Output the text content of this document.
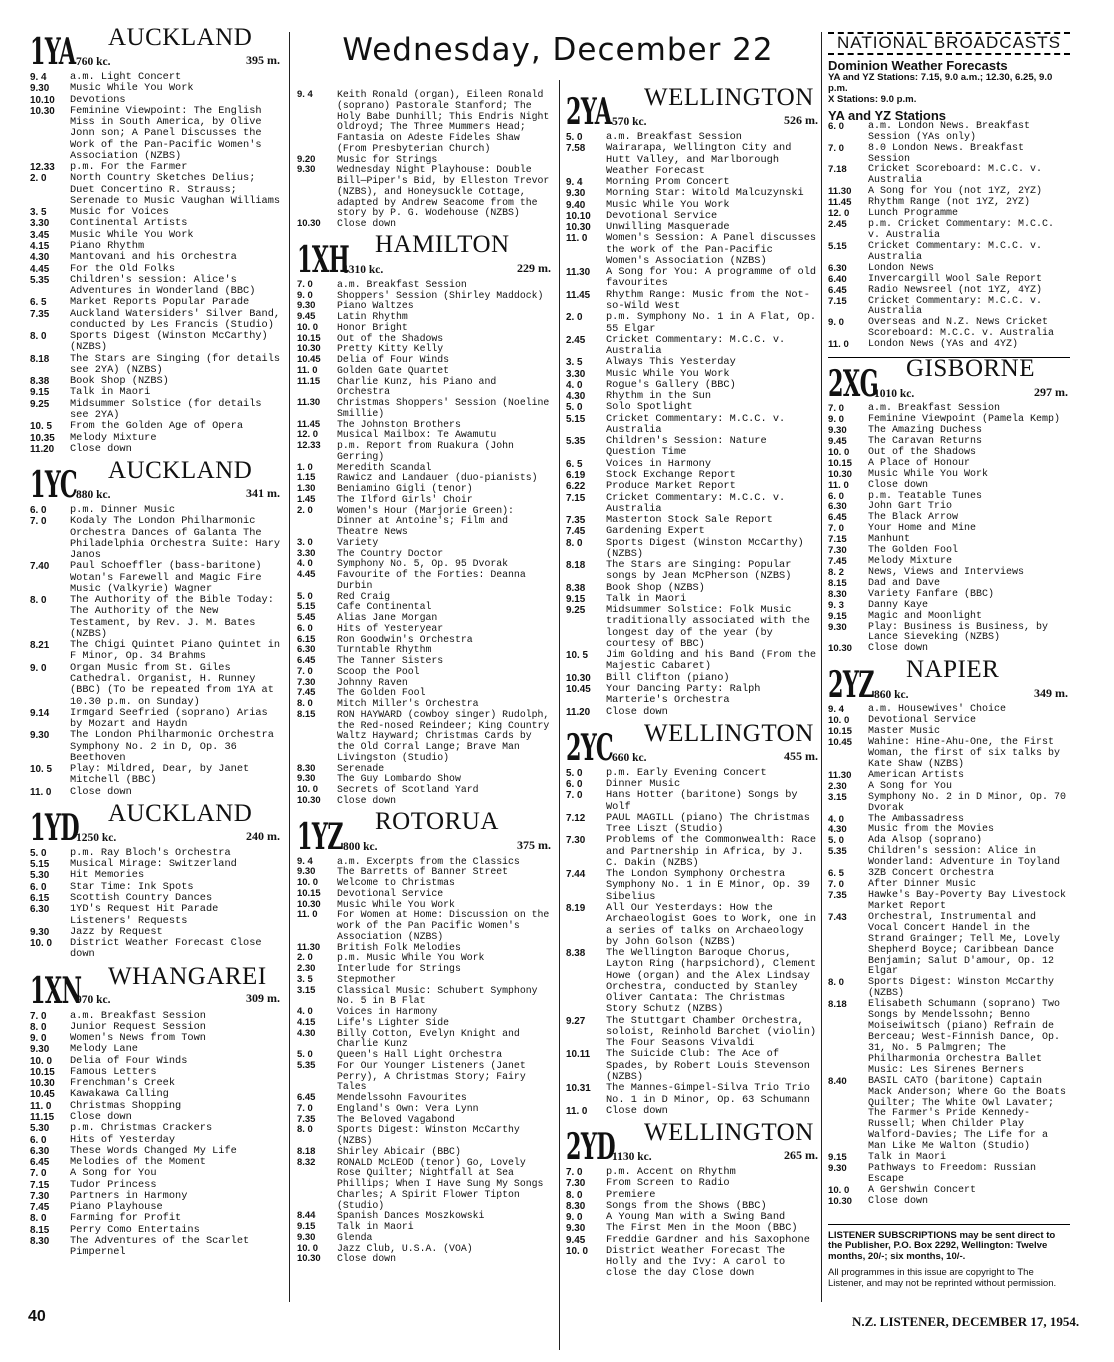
Wednesday, December 22
1YA 760 kc.
AUCKLAND
395 m.
9. 4	a.m. Light Concert
9.30	Music While You Work
10.10	Devotions
10.30	Feminine Viewpoint: The English Miss in South America, by Olive Jonn son; A Panel Discusses the Work of the Pan-Pacific Women's Association (NZBS)
12.33	p.m. For the Farmer
2. 0	North Country Sketches Delius; Duet Concertino R. Strauss; Serenade to Music Vaughan Williams
3. 5	Music for Voices
3.30	Continental Artists
3.45	Music While You Work
4.15	Piano Rhythm
4.30	Mantovani and his Orchestra
4.45	For the Old Folks
5.35	Children's session: Alice's Adventures in Wonderland (BBC)
6. 5	Market Reports Popular Parade
7.35	Auckland Watersiders' Silver Band, conducted by Les Francis (Studio)
8. 0	Sports Digest (Winston McCarthy) (NZBS)
8.18	The Stars are Singing (for details see 2YA) (NZBS)
8.38	Book Shop (NZBS)
9.15	Talk in Maori
9.25	Midsummer Solstice (for details see 2YA)
10. 5	From the Golden Age of Opera
10.35	Melody Mixture
11.20	Close down
1YC 880 kc.
AUCKLAND
341 m.
6. 0	p.m. Dinner Music
7. 0	Kodaly The London Philharmonic Orchestra Dances of Galanta The Philadelphia Orchestra Suite: Hary Janos
7.40	Paul Schoeffler (bass-baritone) Wotan's Farewell and Magic Fire Music (Valkyrie) Wagner
8. 0	The Authority of the Bible Today: The Authority of the New Testament, by Rev. J. M. Bates (NZBS)
8.21	The Chigi Quintet Piano Quintet in F Minor, Op. 34 Brahms
9. 0	Organ Music from St. Giles Cathedral. Organist, H. Runney (BBC) (To be repeated from 1YA at 10.30 p.m. on Sunday)
9.14	Irmgard Seefried (soprano) Arias by Mozart and Haydn
9.30	The London Philharmonic Orchestra Symphony No. 2 in D, Op. 36 Beethoven
10. 5	Play: Mildred, Dear, by Janet Mitchell (BBC)
11. 0	Close down
1YD
1250 kc.
AUCKLAND
240 m.
5. 0	p.m. Ray Bloch's Orchestra
5.15	Musical Mirage: Switzerland
5.30	Hit Memories
6. 0	Star Time: Ink Spots
6.15	Scottish Country Dances
6.30	1YD's Request Hit Parade Listeners' Requests
9.30	Jazz by Request
10. 0	District Weather Forecast Close down
1XN
970 kc.
WHANGAREI
309 m.
7. 0	a.m. Breakfast Session
8. 0	Junior Request Session
9. 0	Women's News from Town
9.30	Melody Lane
10. 0	Delia of Four Winds
10.15	Famous Letters
10.30	Frenchman's Creek
10.45	Kawakawa Calling
11. 0	Christmas Shopping
11.15	Close down
5.30	p.m. Christmas Crackers
6. 0	Hits of Yesterday
6.30	These Words Changed My Life
6.45	Melodies of the Moment
7. 0	A Song for You
7.15	Tudor Princess
7.30	Partners in Harmony
7.45	Piano Playhouse
8. 0	Farming for Profit
8.15	Perry Como Entertains
8.30	The Adventures of the Scarlet Pimpernel
9. 4	Keith Ronald (organ), Eileen Ronald (soprano) Pastorale Stanford; The Holy Babe Dunhill; This Endris Night Oldroyd; The Three Mummers Head; Fantasia on Adeste Fideles Shaw (From Presbyterian Church)
9.20	Music for Strings
9.30	Wednesday Night Playhouse: Double Bill—Piper's Bid, by Elleston Trevor (NZBS), and Honeysuckle Cottage, adapted by Andrew Seacome from the story by P. G. Wodehouse (NZBS)
10.30	Close down
1XH
1310 kc.
HAMILTON
229 m.
7. 0	a.m. Breakfast Session
9. 0	Shoppers' Session (Shirley Maddock)
9.30	Piano Waltzes
9.45	Latin Rhythm
10. 0	Honor Bright
10.15	Out of the Shadows
10.30	Pretty Kitty Kelly
10.45	Delia of Four Winds
11. 0	Golden Gate Quartet
11.15	Charlie Kunz, his Piano and Orchestra
11.30	Christmas Shoppers' Session (Noeline Smillie)
11.45	The Johnston Brothers
12. 0	Musical Mailbox: Te Awamutu
12.33	p.m. Report from Ruakura (John Gerring)
1. 0	Meredith Scandal
1.15	Rawicz and Landauer (duo-pianists)
1.30	Beniamino Gigli (tenor)
1.45	The Ilford Girls' Choir
2. 0	Women's Hour (Marjorie Green): Dinner at Antoine's; Film and Theatre News
3. 0	Variety
3.30	The Country Doctor
4. 0	Symphony No. 5, Op. 95 Dvorak
4.45	Favourite of the Forties: Deanna Durbin
5. 0	Red Craig
5.15	Cafe Continental
5.45	Alias Jane Morgan
6. 0	Hits of Yesteryear
6.15	Ron Goodwin's Orchestra
6.30	Turntable Rhythm
6.45	The Tanner Sisters
7. 0	Scoop the Pool
7.30	Johnny Raven
7.45	The Golden Fool
8. 0	Mitch Miller's Orchestra
8.15	RON HAYWARD (cowboy singer) Rudolph, the Red-nosed Reindeer; King Country Waltz Hayward; Christmas Cards by the Old Corral Lange; Brave Man Livingston (Studio)
8.30	Serenade
9.30	The Guy Lombardo Show
10. 0	Secrets of Scotland Yard
10.30	Close down
1YZ 800 kc.
ROTORUA
375 m.
9. 4	a.m. Excerpts from the Classics
9.30	The Barretts of Banner Street
10. 0	Welcome to Christmas
10.15	Devotional Service
10.30	Music While You Work
11. 0	For Women at Home: Discussion on the work of the Pan Pacific Women's Association (NZBS)
11.30	British Folk Melodies
2. 0	p.m. Music While You Work
2.30	Interlude for Strings
3. 5	Stepmother
3.15	Classical Music: Schubert Symphony No. 5 in B Flat
4. 0	Voices in Harmony
4.15	Life's Lighter Side
4.30	Billy Cotton, Evelyn Knight and Charlie Kunz
5. 0	Queen's Hall Light Orchestra
5.35	For Our Younger Listeners (Janet Perry), A Christmas Story; Fairy Tales
6.45	Mendelssohn Favourites
7. 0	England's Own: Vera Lynn
7.35	The Beloved Vagabond
8. 0	Sports Digest: Winston McCarthy (NZBS)
8.18	Shirley Abicair (BBC)
8.32	RONALD McLEOD (tenor) Go, Lovely Rose Quilter; Nightfall at Sea Phillips; When I Have Sung My Songs Charles; A Spirit Flower Tipton (Studio)
8.44	Spanish Dances Moszkowski
9.15	Talk in Maori
9.30	Glenda
10. 0	Jazz Club, U.S.A. (VOA)
10.30	Close down
2YA 570 kc.
WELLINGTON
526 m.
5. 0	a.m. Breakfast Session
7.58	Wairarapa, Wellington City and Hutt Valley, and Marlborough Weather Forecast
9. 4	Morning Prom Concert
9.30	Morning Star: Witold Malcuzynski
9.40	Music While You Work
10.10	Devotional Service
10.30	Unwilling Masquerade
11. 0	Women's Session: A Panel discusses the work of the Pan-Pacific Women's Association (NZBS)
11.30	A Song for You: A programme of old favourites
11.45	Rhythm Range: Music from the Not-so-Wild West
2. 0	p.m. Symphony No. 1 in A Flat, Op. 55 Elgar
2.45	Cricket Commentary: M.C.C. v. Australia
3. 5	Always This Yesterday
3.30	Music While You Work
4. 0	Rogue's Gallery (BBC)
4.30	Rhythm in the Sun
5. 0	Solo Spotlight
5.15	Cricket Commentary: M.C.C. v. Australia
5.35	Children's Session: Nature Question Time
6. 5	Voices in Harmony
6.19	Stock Exchange Report
6.22	Produce Market Report
7.15	Cricket Commentary: M.C.C. v. Australia
7.35	Masterton Stock Sale Report
7.45	Gardening Expert
8. 0	Sports Digest (Winston McCarthy) (NZBS)
8.18	The Stars are Singing: Popular songs by Jean McPherson (NZBS)
8.38	Book Shop (NZBS)
9.15	Talk in Maori
9.25	Midsummer Solstice: Folk Music traditionally associated with the longest day of the year (by courtesy of BBC)
10. 5	Jim Golding and his Band (From the Majestic Cabaret)
10.30	Bill Clifton (piano)
10.45	Your Dancing Party: Ralph Marterie's Orchestra
11.20	Close down
2YC 660 kc.
WELLINGTON
455 m.
5. 0	p.m. Early Evening Concert
6. 0	Dinner Music
7. 0	Hans Hotter (baritone) Songs by Wolf
7.12	PAUL MAGILL (piano) The Christmas Tree Liszt (Studio)
7.30	Problems of the Commonwealth: Race and Partnership in Africa, by J. C. Dakin (NZBS)
7.44	The London Symphony Orchestra Symphony No. 1 in E Minor, Op. 39 Sibelius
8.19	All Our Yesterdays: How the Archaeologist Goes to Work, one in a series of talks on Archaeology by John Golson (NZBS)
8.38	The Wellington Baroque Chorus, Layton Ring (harpsichord), Clement Howe (organ) and the Alex Lindsay Orchestra, conducted by Stanley Oliver Cantata: The Christmas Story Schutz (NZBS)
9.27	The Stuttgart Chamber Orchestra, soloist, Reinhold Barchet (violin) The Four Seasons Vivaldi
10.11	The Suicide Club: The Ace of Spades, by Robert Louis Stevenson (NZBS)
10.31	The Mannes-Gimpel-Silva Trio Trio No. 1 in D Minor, Op. 63 Schumann
11. 0	Close down
2YD
1130 kc.
WELLINGTON
265 m.
7. 0	p.m. Accent on Rhythm
7.30	From Screen to Radio
8. 0	Premiere
8.30	Songs from the Shows (BBC)
9. 0	A Young Man with a Swing Band
9.30	The First Men in the Moon (BBC)
9.45	Freddie Gardner and his Saxophone
10. 0	District Weather Forecast The Holly and the Ivy: A carol to close the day Close down
NATIONAL BROADCASTS
Dominion Weather Forecasts
YA and YZ Stations: 7.15, 9.0 a.m.; 12.30, 6.25, 9.0 p.m.
X Stations: 9.0 p.m.
YA and YZ Stations
6. 0	a.m. London News. Breakfast Session (YAs only)
7. 0	8.0 London News. Breakfast Session
7.18	Cricket Scoreboard: M.C.C. v. Australia
11.30	A Song for You (not 1YZ, 2YZ)
11.45	Rhythm Range (not 1YZ, 2YZ)
12. 0	Lunch Programme
2.45	p.m. Cricket Commentary: M.C.C. v. Australia
5.15	Cricket Commentary: M.C.C. v. Australia
6.30	London News
6.40	Invercargill Wool Sale Report
6.45	Radio Newsreel (not 1YZ, 4YZ)
7.15	Cricket Commentary: M.C.C. v. Australia
9. 0	Overseas and N.Z. News Cricket Scoreboard: M.C.C. v. Australia
11. 0	London News (YAs and 4YZ)
2XG
1010 kc.
GISBORNE
297 m.
7. 0	a.m. Breakfast Session
9. 0	Feminine Viewpoint (Pamela Kemp)
9.30	The Amazing Duchess
9.45	The Caravan Returns
10. 0	Out of the Shadows
10.15	A Place of Honour
10.30	Music While You Work
11. 0	Close down
6. 0	p.m. Teatable Tunes
6.30	John Gart Trio
6.45	The Black Arrow
7. 0	Your Home and Mine
7.15	Manhunt
7.30	The Golden Fool
7.45	Melody Mixture
8. 2	News, Views and Interviews
8.15	Dad and Dave
8.30	Variety Fanfare (BBC)
9. 3	Danny Kaye
9.15	Magic and Moonlight
9.30	Play: Business is Business, by Lance Sieveking (NZBS)
10.30	Close down
2YZ 860 kc.
NAPIER
349 m.
9. 4	a.m. Housewives' Choice
10. 0	Devotional Service
10.15	Master Music
10.45	Wahine: Hine-Ahu-One, the First Woman, the first of six talks by Kate Shaw (NZBS)
11.30	American Artists
2.30	A Song for You
3.15	Symphony No. 2 in D Minor, Op. 70 Dvorak
4. 0	The Ambassadress
4.30	Music from the Movies
5. 0	Ada Alsop (soprano)
5.35	Children's session: Alice in Wonderland: Adventure in Toyland
6. 5	3ZB Concert Orchestra
7. 0	After Dinner Music
7.35	Hawke's Bay-Poverty Bay Livestock Market Report
7.43	Orchestral, Instrumental and Vocal Concert Handel in the Strand Grainger; Tell Me, Lovely Shepherd Boyce; Caribbean Dance Benjamin; Salut D'amour, Op. 12 Elgar
8. 0	Sports Digest: Winston McCarthy (NZBS)
8.18	Elisabeth Schumann (soprano) Two Songs by Mendelssohn; Benno Moiseiwitsch (piano) Refrain de Berceau; West-Finnish Dance, Op. 31, No. 5 Palmgren; The Philharmonia Orchestra Ballet Music: Les Sirenes Berners
8.40	BASIL CATO (baritone) Captain Mack Anderson; Where Go the Boats Quilter; The White Owl Lavater; The Farmer's Pride Kennedy-Russell; When Childer Play Walford-Davies; The Life for a Man Like Me Walton (Studio)
9.15	Talk in Maori
9.30	Pathways to Freedom: Russian Escape
10. 0	A Gershwin Concert
10.30	Close down
LISTENER SUBSCRIPTIONS may be sent direct to the Publisher, P.O. Box 2292, Wellington: Twelve months, 20/-; six months, 10/-.
All programmes in this issue are copyright to The Listener, and may not be reprinted without permission.
40	N.Z. LISTENER, DECEMBER 17, 1954.
